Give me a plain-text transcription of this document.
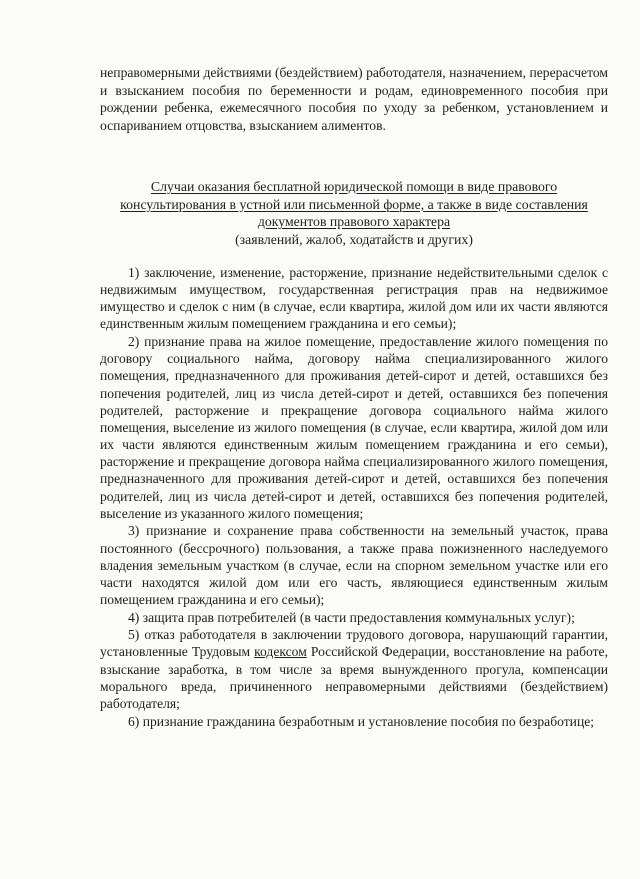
неправомерными действиями (бездействием) работодателя, назначением, перерасчетом и взысканием пособия по беременности и родам, единовременного пособия при рождении ребенка, ежемесячного пособия по уходу за ребенком, установлением и оспариванием отцовства, взысканием алиментов.
Случаи оказания бесплатной юридической помощи в виде правового
консультирования в устной или письменной форме, а также в виде составления
документов правового характера
(заявлений, жалоб, ходатайств и других)

1) заключение, изменение, расторжение, признание недействительными сделок с недвижимым имуществом, государственная регистрация прав на недвижимое имущество и сделок с ним (в случае, если квартира, жилой дом или их части являются единственным жилым помещением гражданина и его семьи);

2) признание права на жилое помещение, предоставление жилого помещения по договору социального найма, договору найма специализированного жилого помещения, предназначенного для проживания детей-сирот и детей, оставшихся без попечения родителей, лиц из числа детей-сирот и детей, оставшихся без попечения родителей, расторжение и прекращение договора социального найма жилого помещения, выселение из жилого помещения (в случае, если квартира, жилой дом или их части являются единственным жилым помещением гражданина и его семьи), расторжение и прекращение договора найма специализированного жилого помещения, предназначенного для проживания детей-сирот и детей, оставшихся без попечения родителей, лиц из числа детей-сирот и детей, оставшихся без попечения родителей, выселение из указанного жилого помещения;

3) признание и сохранение права собственности на земельный участок, права постоянного (бессрочного) пользования, а также права пожизненного наследуемого владения земельным участком (в случае, если на спорном земельном участке или его части находятся жилой дом или его часть, являющиеся единственным жилым помещением гражданина и его семьи);

4) защита прав потребителей (в части предоставления коммунальных услуг);

5) отказ работодателя в заключении трудового договора, нарушающий гарантии, установленные Трудовым кодексом Российской Федерации, восстановление на работе, взыскание заработка, в том числе за время вынужденного прогула, компенсации морального вреда, причиненного неправомерными действиями (бездействием) работодателя;

6) признание гражданина безработным и установление пособия по безработице;
